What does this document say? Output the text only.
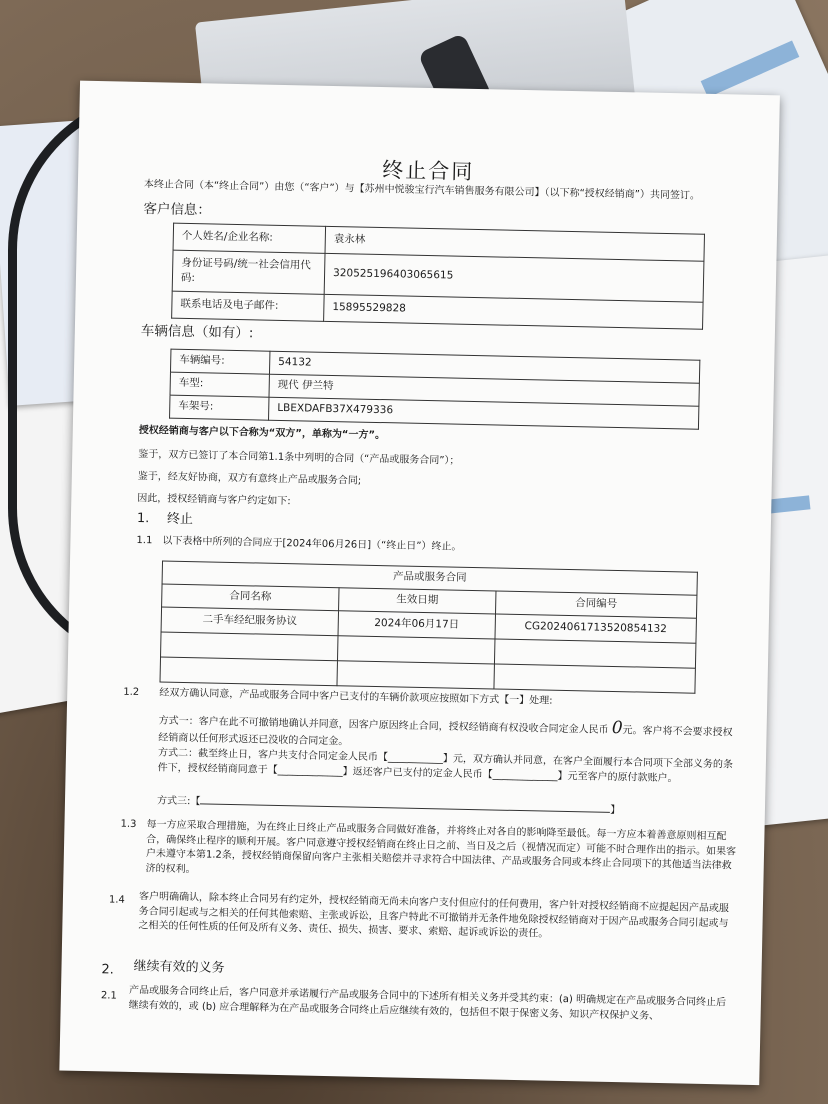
终止合同
本终止合同（本“终止合同”）由您（“客户”）与【苏州中悦骏宝行汽车销售服务有限公司】（以下称“授权经销商”）共同签订。
客户信息：
个人姓名/企业名称:	袁永林
身份证号码/统一社会信用代码:	320525196403065615
联系电话及电子邮件:	15895529828
车辆信息（如有）:
车辆编号:	54132
车型:	现代 伊兰特
车架号:	LBEXDAFB37X479336
授权经销商与客户以下合称为“双方”，单称为“一方”。
鉴于，双方已签订了本合同第1.1条中列明的合同（“产品或服务合同”）；
鉴于，经友好协商，双方有意终止产品或服务合同;
因此，授权经销商与客户约定如下:
1. 终止
1.1 以下表格中所列的合同应于[2024年06月26日]（“终止日”）终止。
产品或服务合同		
合同名称	生效日期	合同编号
二手车经纪服务协议	2024年06月17日	CG2024061713520854132

1.2 经双方确认同意，产品或服务合同中客户已支付的车辆价款项应按照如下方式【一】处理:
方式一：客户在此不可撤销地确认并同意，因客户原因终止合同，授权经销商有权没收合同定金人民币 0元。客户将不会要求授权经销商以任何形式返还已没收的合同定金。
方式二：截至终止日，客户共支付合同定金人民币【___________】元，双方确认并同意，在客户全面履行本合同项下全部义务的条件下，授权经销商同意于【_____________】返还客户已支付的定金人民币【_____________】元至客户的原付款账户。
方式三:【】
1.3 每一方应采取合理措施，为在终止日终止产品或服务合同做好准备，并将终止对各自的影响降至最低。每一方应本着善意原则相互配合，确保终止程序的顺利开展。客户同意遵守授权经销商在终止日之前、当日及之后（视情况而定）可能不时合理作出的指示。如果客户未遵守本第1.2条，授权经销商保留向客户主张相关赔偿并寻求符合中国法律、产品或服务合同或本终止合同项下的其他适当法律救济的权利。
1.4 客户明确确认，除本终止合同另有约定外，授权经销商无尚未向客户支付但应付的任何费用，客户针对授权经销商不应提起因产品或服务合同引起或与之相关的任何其他索赔、主张或诉讼，且客户特此不可撤销并无条件地免除授权经销商对于因产品或服务合同引起或与之相关的任何性质的任何及所有义务、责任、损失、损害、要求、索赔、起诉或诉讼的责任。
2. 继续有效的义务
2.1 产品或服务合同终止后，客户同意并承诺履行产品或服务合同中的下述所有相关义务并受其约束：(a) 明确规定在产品或服务合同终止后继续有效的，或 (b) 应合理解释为在产品或服务合同终止后应继续有效的，包括但不限于保密义务、知识产权保护义务、
